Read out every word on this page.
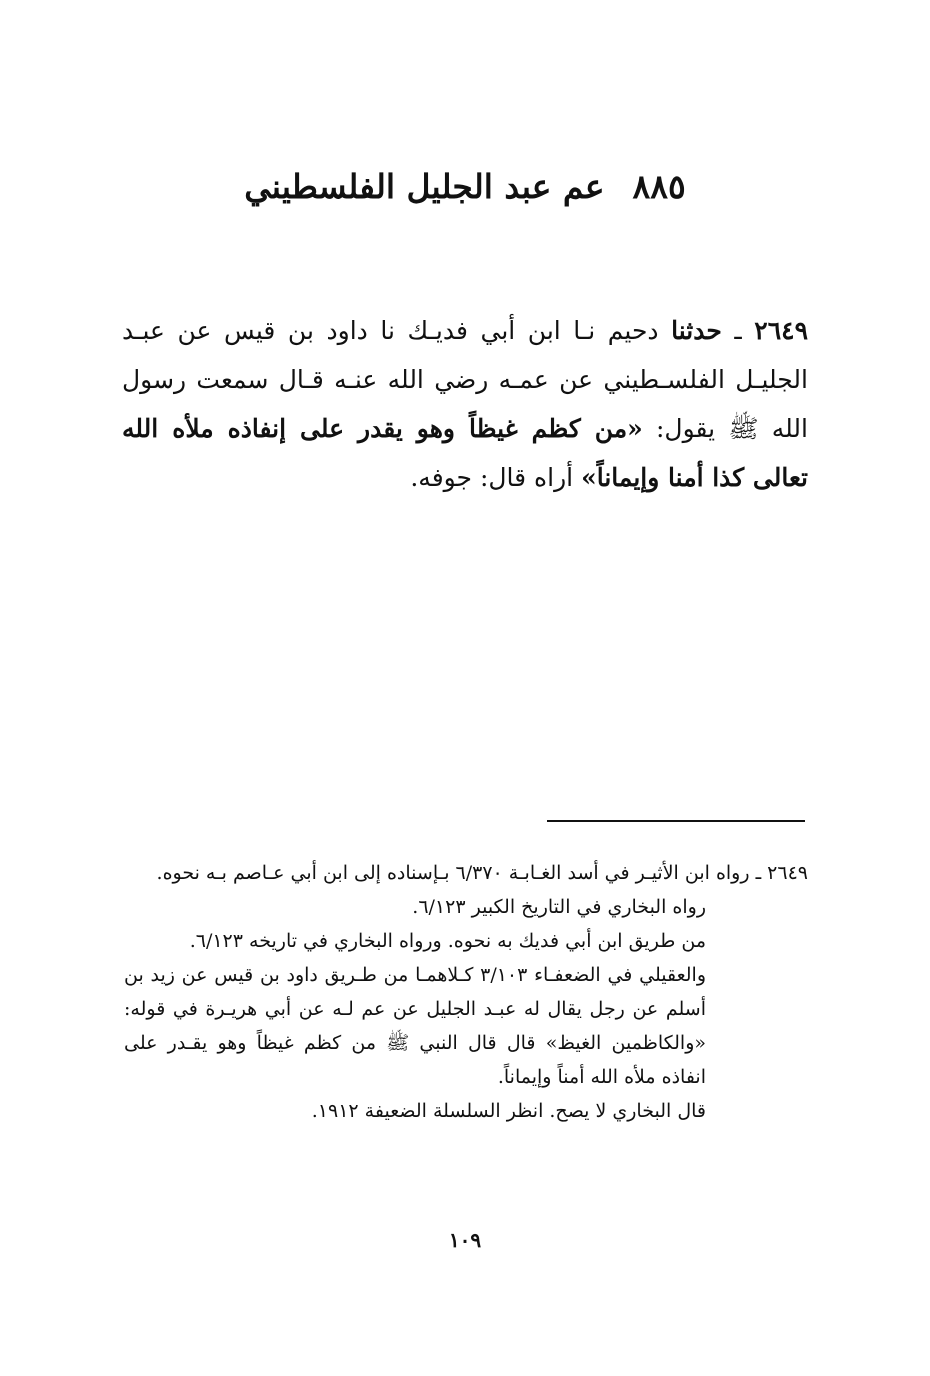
٨٨٥عم عبد الجليل الفلسطيني
٢٦٤٩ ـ حدثنا دحيم نـا ابن أبي فديـك نا داود بن قيس عن عبـد الجليـل الفلسـطيني عن عمـه رضي الله عنـه قـال سمعت رسول الله ﷺ يقول: «من كظم غيظاً وهو يقدر على إنفاذه ملأه الله تعالى كذا أمنا وإيماناً» أراه قال: جوفه.

٢٦٤٩ ـ رواه ابن الأثيـر في أسد الغـابـة ٦/٣٧٠ بـإسناده إلى ابن أبي عـاصم بـه نحوه.

رواه البخاري في التاريخ الكبير ٦/١٢٣.

من طريق ابن أبي فديك به نحوه. ورواه البخاري في تاريخه ٦/١٢٣.

والعقيلي في الضعفـاء ٣/١٠٣ كـلاهمـا من طـريق داود بن قيس عن زيد بن أسلم عن رجل يقال له عبـد الجليل عن عم لـه عن أبي هريـرة في قوله: «والكاظمين الغيظ» قال قال النبي ﷺ من كظم غيظاً وهو يقـدر على انفاذه ملأه الله أمناً وإيماناً.

قال البخاري لا يصح. انظر السلسلة الضعيفة ١٩١٢.

١٠٩
